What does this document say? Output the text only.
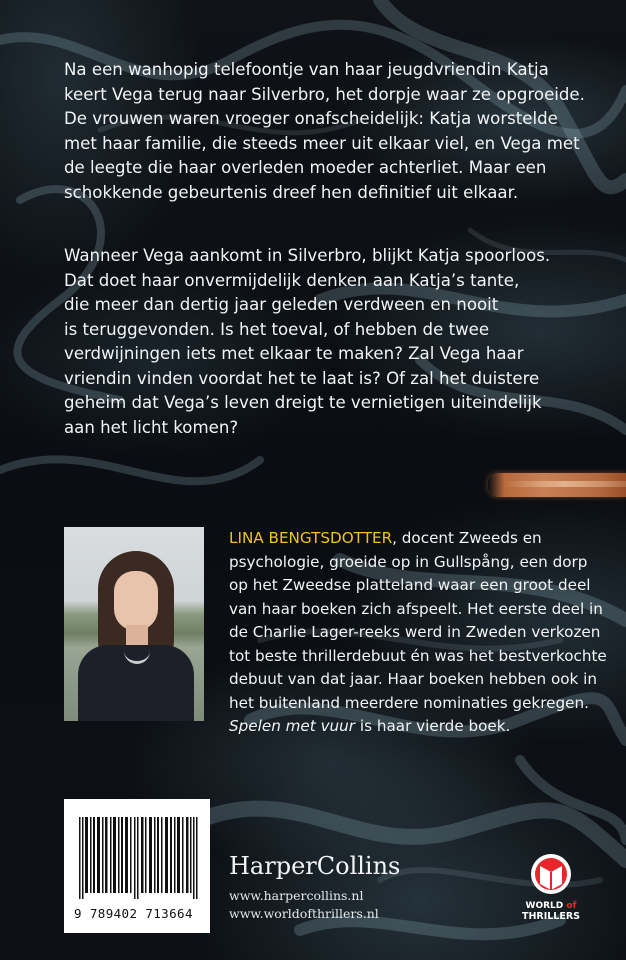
Na een wanhopig telefoontje van haar jeugdvriendin Katja
keert Vega terug naar Silverbro, het dorpje waar ze opgroeide.
De vrouwen waren vroeger onafscheidelijk: Katja worstelde
met haar familie, die steeds meer uit elkaar viel, en Vega met
de leegte die haar overleden moeder achterliet. Maar een
schokkende gebeurtenis dreef hen definitief uit elkaar.
Wanneer Vega aankomt in Silverbro, blijkt Katja spoorloos.
Dat doet haar onvermijdelijk denken aan Katja’s tante,
die meer dan dertig jaar geleden verdween en nooit
is teruggevonden. Is het toeval, of hebben de twee
verdwijningen iets met elkaar te maken? Zal Vega haar
vriendin vinden voordat het te laat is? Of zal het duistere
geheim dat Vega’s leven dreigt te vernietigen uiteindelijk
aan het licht komen?
LINA BENGTSDOTTER, docent Zweeds en
psychologie, groeide op in Gullspång, een dorp
op het Zweedse platteland waar een groot deel
van haar boeken zich afspeelt. Het eerste deel in
de Charlie Lager-reeks werd in Zweden verkozen
tot beste thrillerdebuut én was het bestverkochte
debuut van dat jaar. Haar boeken hebben ook in
het buitenland meerdere nominaties gekregen.
Spelen met vuur is haar vierde boek.
9 789402 713664
HarperCollins
www.harpercollins.nl
www.worldofthrillers.nl	WORLD of
THRILLERS
